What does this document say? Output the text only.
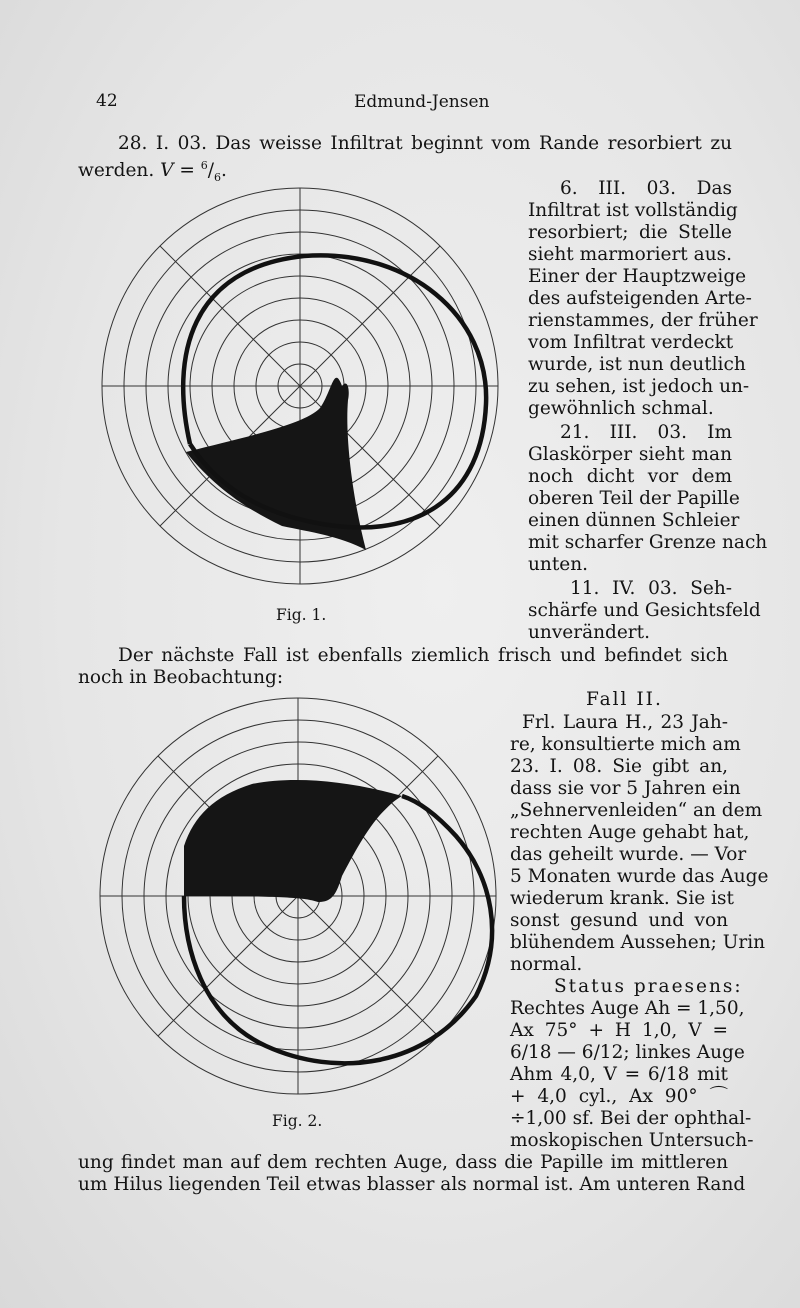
42	Edmund-Jensen
28. I. 03. Das weisse Infiltrat beginnt vom Rande resorbiert zu
werden. $V = ^6/_6$.
6. III. 03. Das
Infiltrat ist vollständig
resorbiert; die Stelle
sieht marmoriert aus.
Einer der Hauptzweige
des aufsteigenden Arte-
rienstammes, der früher
vom Infiltrat verdeckt
wurde, ist nun deutlich
zu sehen, ist jedoch un-
gewöhnlich schmal.
21. III. 03. Im
Glaskörper sieht man
noch dicht vor dem
oberen Teil der Papille
einen dünnen Schleier
mit scharfer Grenze nach
unten.
11. IV. 03. Seh-
schärfe und Gesichtsfeld
unverändert.
Fig. 1.
Der nächste Fall ist ebenfalls ziemlich frisch und befindet sich
noch in Beobachtung:
Fall II.
Frl. Laura H., 23 Jah-
re, konsultierte mich am
23. I. 08. Sie gibt an,
dass sie vor 5 Jahren ein
„Sehnervenleiden“ an dem
rechten Auge gehabt hat,
das geheilt wurde. — Vor
5 Monaten wurde das Auge
wiederum krank. Sie ist
sonst gesund und von
blühendem Aussehen; Urin
normal.
Status praesens:
Rechtes Auge Ah = 1,50,
Ax 75° + H 1,0, V =
6/18 — 6/12; linkes Auge
Ahm 4,0, V = 6/18 mit
+ 4,0 cyl., Ax 90° ⌒
÷1,00 sf. Bei der ophthal-
moskopischen Untersuch-
Fig. 2.
ung findet man auf dem rechten Auge, dass die Papille im mittleren
um Hilus liegenden Teil etwas blasser als normal ist. Am unteren Rand
